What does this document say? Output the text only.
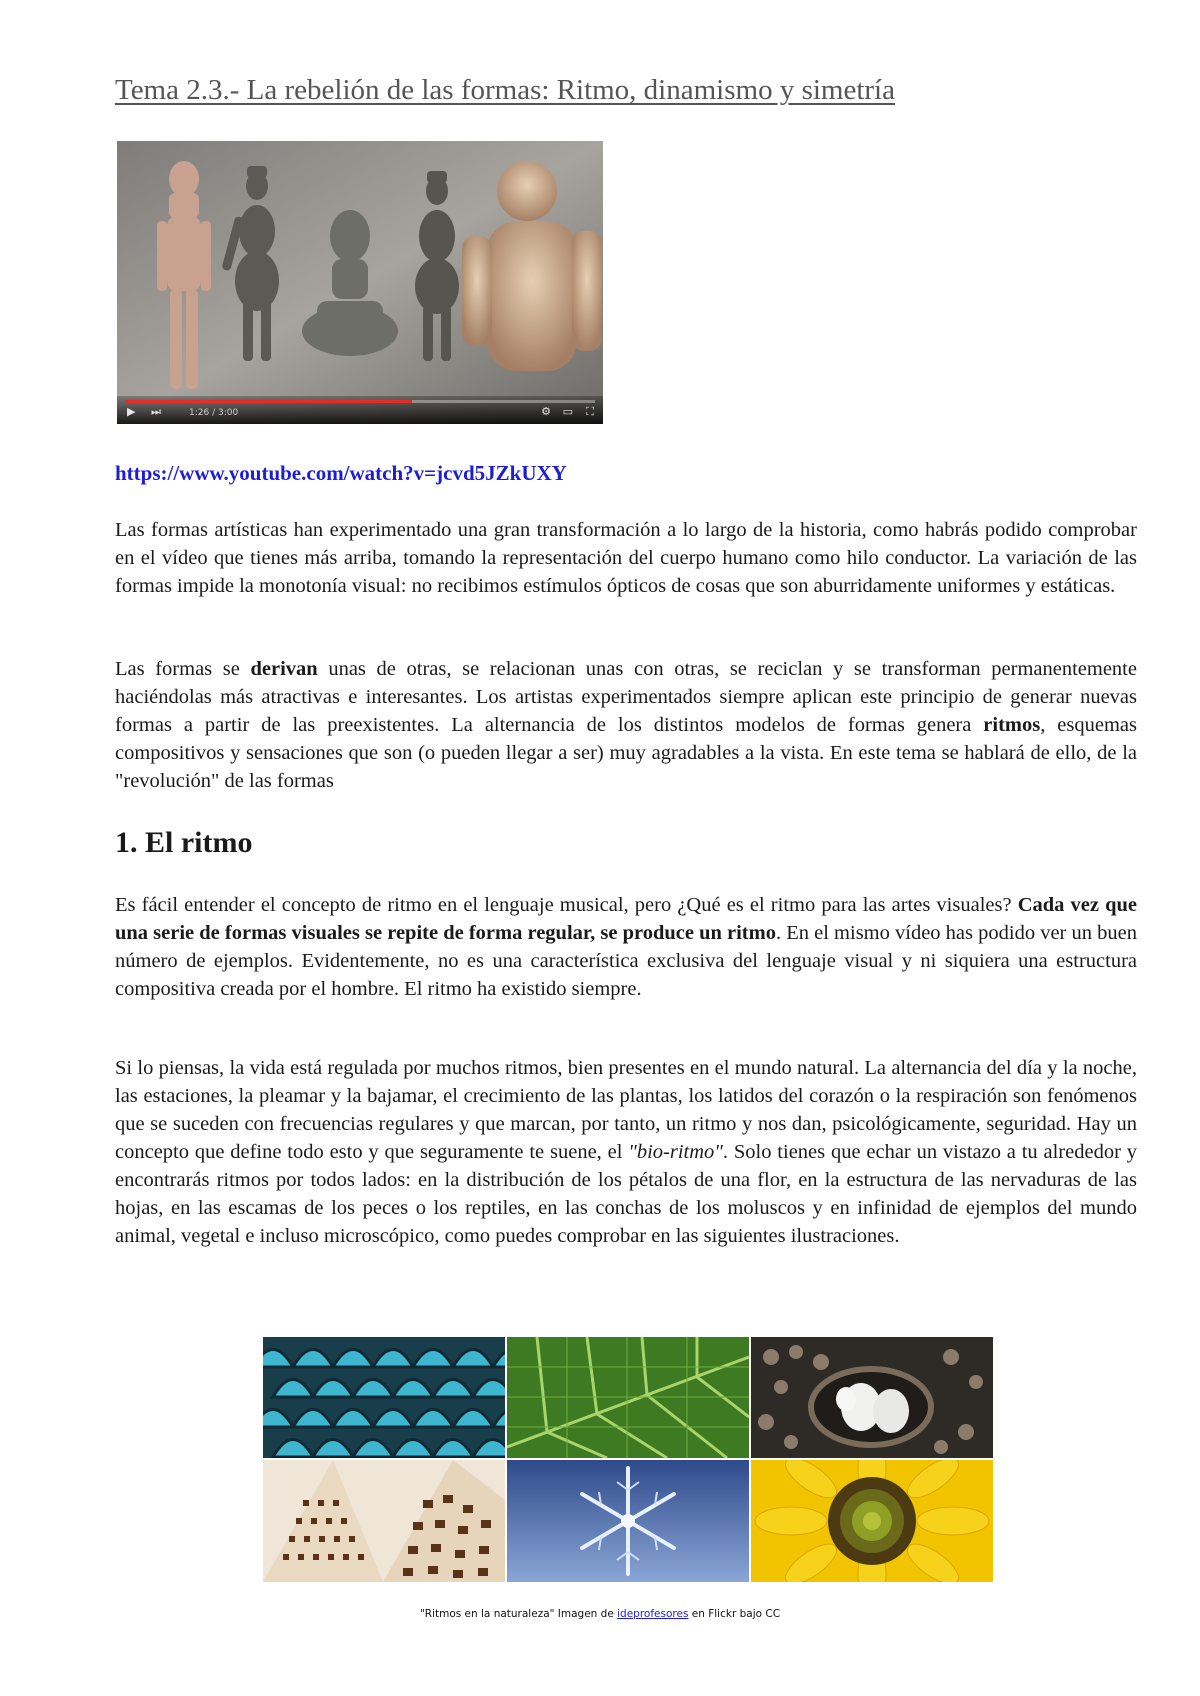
Tema 2.3.- La rebelión de las formas: Ritmo, dinamismo y simetría
▶ ⏭	1:26 / 3:00	⚙ ▭ ⛶
https://www.youtube.com/watch?v=jcvd5JZkUXY

Las formas artísticas han experimentado una gran transformación a lo largo de la historia, como habrás podido comprobar en el vídeo que tienes más arriba, tomando la representación del cuerpo humano como hilo conductor. La variación de las formas impide la monotonía visual: no recibimos estímulos ópticos de cosas que son aburridamente uniformes y estáticas.

Las formas se derivan unas de otras, se relacionan unas con otras, se reciclan y se transforman permanentemente haciéndolas más atractivas e interesantes. Los artistas experimentados siempre aplican este principio de generar nuevas formas a partir de las preexistentes. La alternancia de los distintos modelos de formas genera ritmos, esquemas compositivos y sensaciones que son (o pueden llegar a ser) muy agradables a la vista. En este tema se hablará de ello, de la "revolución" de las formas

1. El ritmo

Es fácil entender el concepto de ritmo en el lenguaje musical, pero ¿Qué es el ritmo para las artes visuales? Cada vez que una serie de formas visuales se repite de forma regular, se produce un ritmo. En el mismo vídeo has podido ver un buen número de ejemplos. Evidentemente, no es una característica exclusiva del lenguaje visual y ni siquiera una estructura compositiva creada por el hombre. El ritmo ha existido siempre.

Si lo piensas, la vida está regulada por muchos ritmos, bien presentes en el mundo natural. La alternancia del día y la noche, las estaciones, la pleamar y la bajamar, el crecimiento de las plantas, los latidos del corazón o la respiración son fenómenos que se suceden con frecuencias regulares y que marcan, por tanto, un ritmo y nos dan, psicológicamente, seguridad. Hay un concepto que define todo esto y que seguramente te suene, el "bio-ritmo". Solo tienes que echar un vistazo a tu alrededor y encontrarás ritmos por todos lados: en la distribución de los pétalos de una flor, en la estructura de las nervaduras de las hojas, en las escamas de los peces o los reptiles, en las conchas de los moluscos y en infinidad de ejemplos del mundo animal, vegetal e incluso microscópico, como puedes comprobar en las siguientes ilustraciones.

"Ritmos en la naturaleza" Imagen de ideprofesores en Flickr bajo CC
